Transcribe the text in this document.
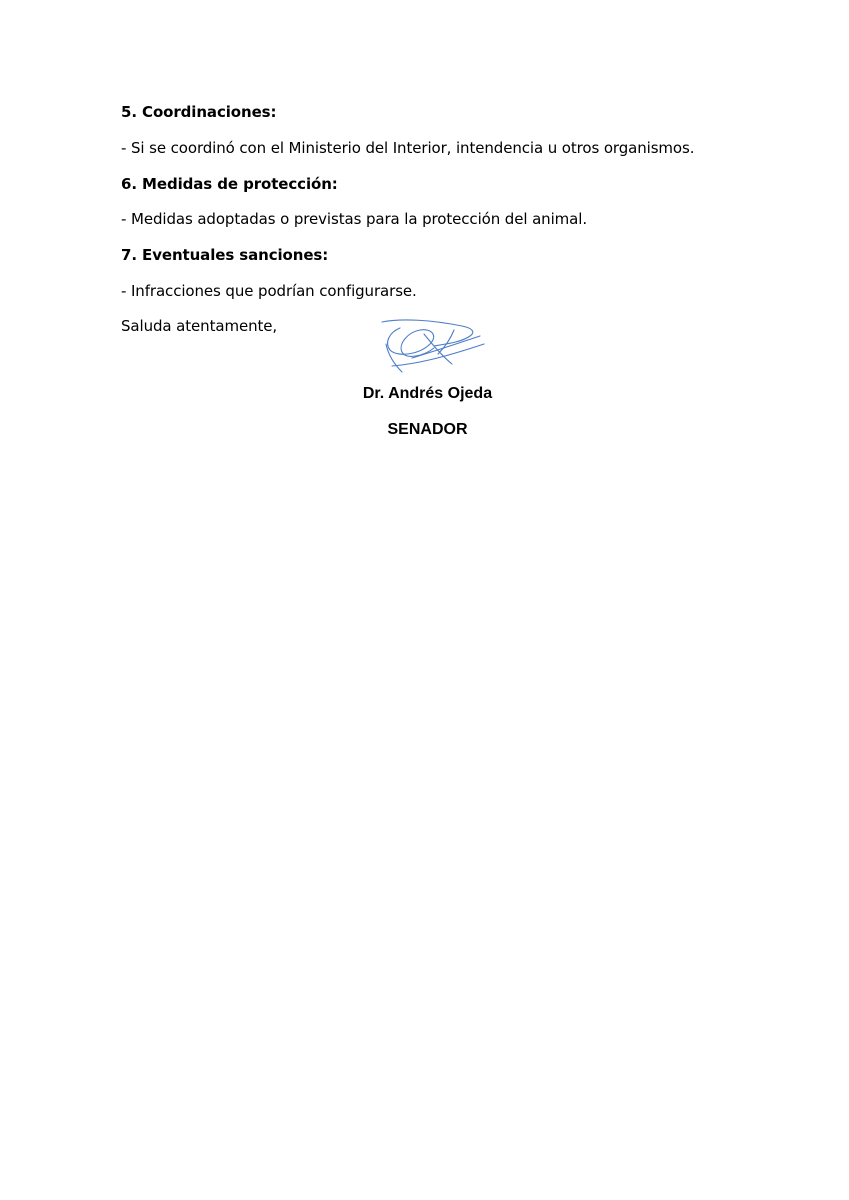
5. Coordinaciones:
- Si se coordinó con el Ministerio del Interior, intendencia u otros organismos.
6. Medidas de protección:
- Medidas adoptadas o previstas para la protección del animal.
7. Eventuales sanciones:
- Infracciones que podrían configurarse.
Saluda atentamente,
Dr. Andrés Ojeda
SENADOR
